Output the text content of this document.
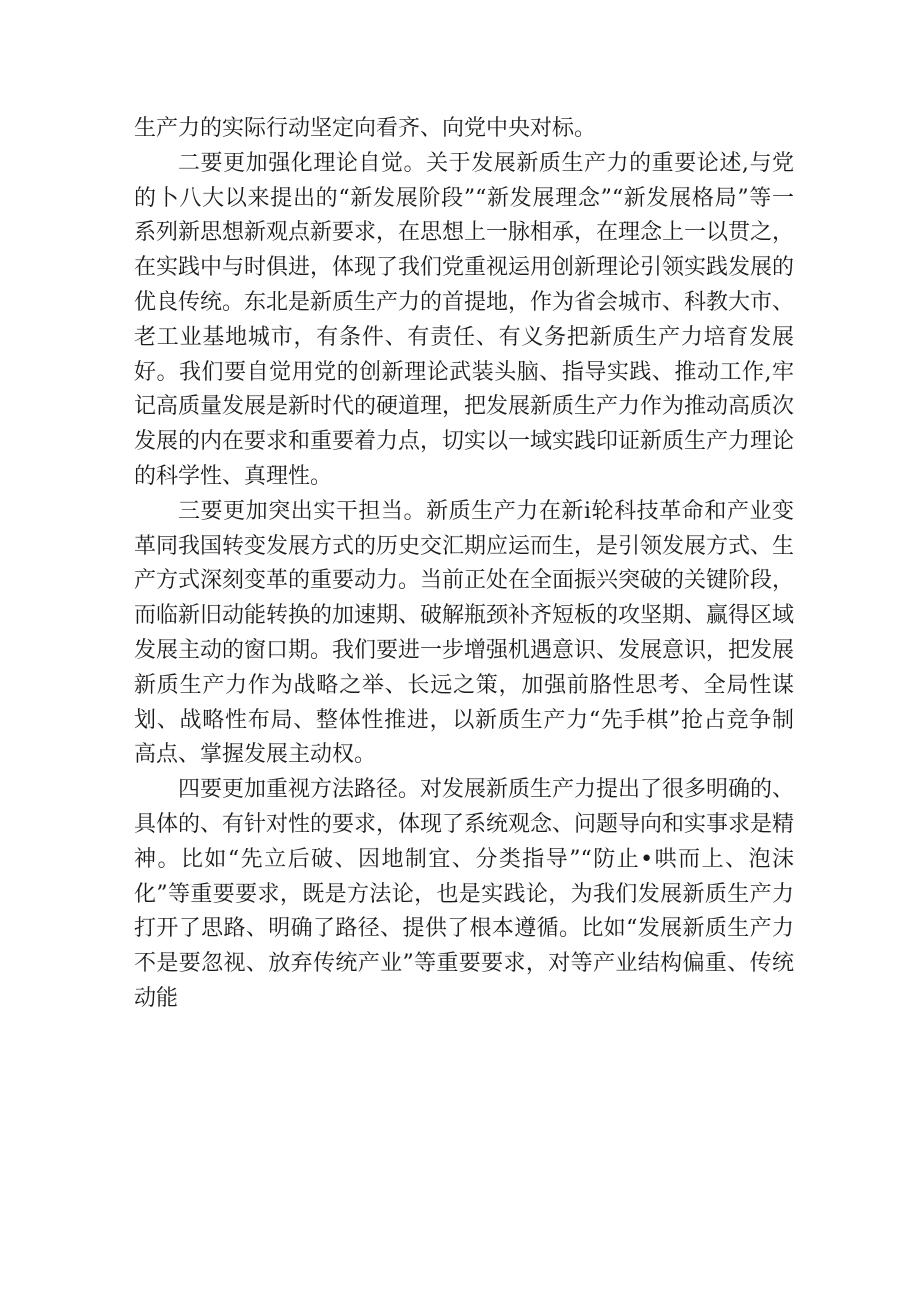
生产力的实际行动坚定向看齐、向党中央对标。

二要更加强化理论自觉。关于发展新质生产力的重要论述,与党的卜八大以来提出的“新发展阶段”“新发展理念”“新发展格局”等一系列新思想新观点新要求，在思想上一脉相承，在理念上一以贯之，在实践中与时俱进，体现了我们党重视运用创新理论引领实践发展的优良传统。东北是新质生产力的首提地，作为省会城市、科教大市、老工业基地城市，有条件、有责任、有义务把新质生产力培育发展好。我们要自觉用党的创新理论武装头脑、指导实践、推动工作,牢记高质量发展是新时代的硬道理，把发展新质生产力作为推动高质次发展的内在要求和重要着力点，切实以一域实践印证新质生产力理论的科学性、真理性。

三要更加突出实干担当。新质生产力在新i轮科技革命和产业变革同我国转变发展方式的历史交汇期应运而生，是引领发展方式、生产方式深刻变革的重要动力。当前正处在全面振兴突破的关键阶段，而临新旧动能转换的加速期、破解瓶颈补齐短板的攻坚期、赢得区域发展主动的窗口期。我们要进一步增强机遇意识、发展意识，把发展新质生产力作为战略之举、长远之策，加强前胳性思考、全局性谋划、战略性布局、整体性推进，以新质生产力“先手棋”抢占竞争制高点、掌握发展主动权。

四要更加重视方法路径。对发展新质生产力提出了很多明确的、具体的、有针对性的要求，体现了系统观念、问题导向和实事求是精神。比如“先立后破、因地制宜、分类指导”“防止•哄而上、泡沫化”等重要要求，既是方法论，也是实践论，为我们发展新质生产力打开了思路、明确了路径、提供了根本遵循。比如“发展新质生产力不是要忽视、放弃传统产业”等重要要求，对等产业结构偏重、传统动能
